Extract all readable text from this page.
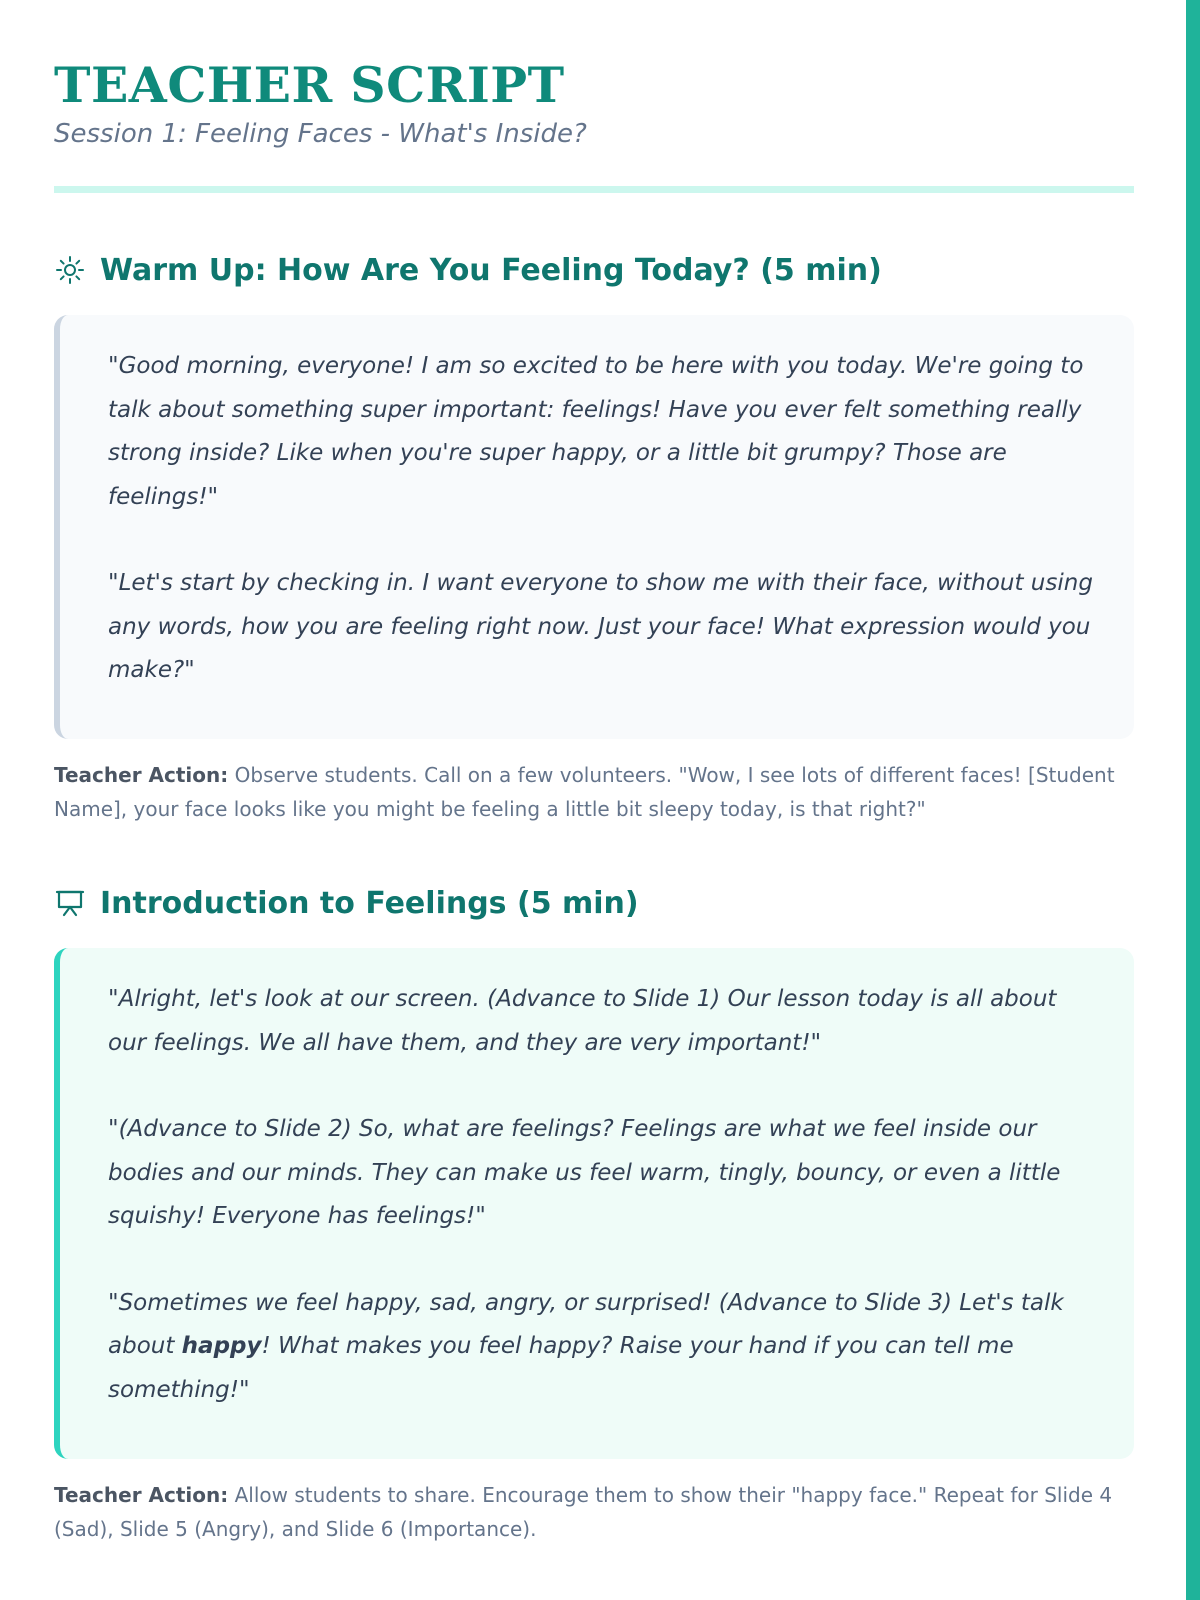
TEACHER SCRIPT
Session 1: Feeling Faces - What's Inside?
Warm Up: How Are You Feeling Today? (5 min)

"Good morning, everyone! I am so excited to be here with you today. We're going to talk about something super important: feelings! Have you ever felt something really strong inside? Like when you're super happy, or a little bit grumpy? Those are feelings!"

"Let's start by checking in. I want everyone to show me with their face, without using any words, how you are feeling right now. Just your face! What expression would you make?"

Teacher Action: Observe students. Call on a few volunteers. "Wow, I see lots of different faces! [Student Name], your face looks like you might be feeling a little bit sleepy today, is that right?"

Introduction to Feelings (5 min)

"Alright, let's look at our screen. (Advance to Slide 1) Our lesson today is all about our feelings. We all have them, and they are very important!"

"(Advance to Slide 2) So, what are feelings? Feelings are what we feel inside our bodies and our minds. They can make us feel warm, tingly, bouncy, or even a little squishy! Everyone has feelings!"

"Sometimes we feel happy, sad, angry, or surprised! (Advance to Slide 3) Let's talk about happy! What makes you feel happy? Raise your hand if you can tell me something!"

Teacher Action: Allow students to share. Encourage them to show their "happy face." Repeat for Slide 4 (Sad), Slide 5 (Angry), and Slide 6 (Importance).
